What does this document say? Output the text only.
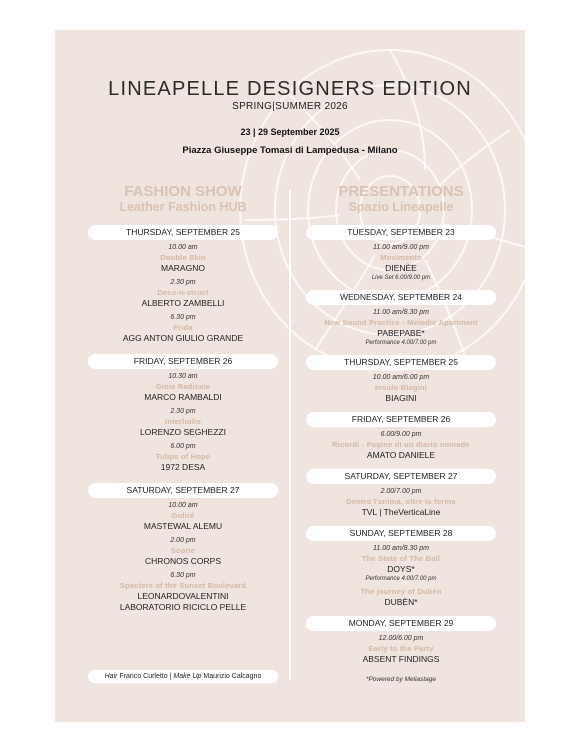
LINEAPELLE DESIGNERS EDITION
SPRING|SUMMER 2026
23 | 29 September 2025
Piazza Giuseppe Tomasi di Lampedusa - Milano
FASHION SHOW
Leather Fashion HUB
THURSDAY, SEPTEMBER 25
10.00 am
Double Skin
MARAGNO
2.30 pm
Deco-n-struct
ALBERTO ZAMBELLI
6.30 pm
Frida
AGG ANTON GIULIO GRANDE
FRIDAY, SEPTEMBER 26
10.30 am
Gioia Radicale
MARCO RAMBALDI
2.30 pm
Interludio
LORENZO SEGHEZZI
6.00 pm
Tulips of Hope
1972 DESA
SATURDAY, SEPTEMBER 27
10.00 am
Gidirè
MASTEWAL ALEMU
2.00 pm
Scorie
CHRONOS CORPS
6.30 pm
Specters of the Sunset Boulevard
LEONARDOVALENTINI
LABORATORIO RICICLO PELLE
Hair Franco Curletto | Make Up Maurizio Calcagno
PRESENTATIONS
Spazio Lineapelle
TUESDAY, SEPTEMBER 23
11.00 am/9.00 pm
Movimento
DIENÈE
Live Set 6.00/9.00 pm
WEDNESDAY, SEPTEMBER 24
11.00 am/8.30 pm
New Sound Practice - Melodic Apartment
PABEPABE*
Performance 4.00/7.00 pm
THURSDAY, SEPTEMBER 25
10.00 am/6.00 pm
Insulo Biagini
BIAGINI
FRIDAY, SEPTEMBER 26
6.00/9.00 pm
Ricordi - Pagine di un diario nomade
AMATO DANIELE
SATURDAY, SEPTEMBER 27
2.00/7.00 pm
Dentro l'anima, oltre la forma
TVL | TheVerticaLine
SUNDAY, SEPTEMBER 28
11.00 am/8.30 pm
The State of The Ball
DOYS*
Performance 4.00/7.00 pm
The journey of Dubèn
DUBÈN*
MONDAY, SEPTEMBER 29
12.00/6.00 pm
Early to the Party
ABSENT FINDINGS
*Powered by Meliastage
